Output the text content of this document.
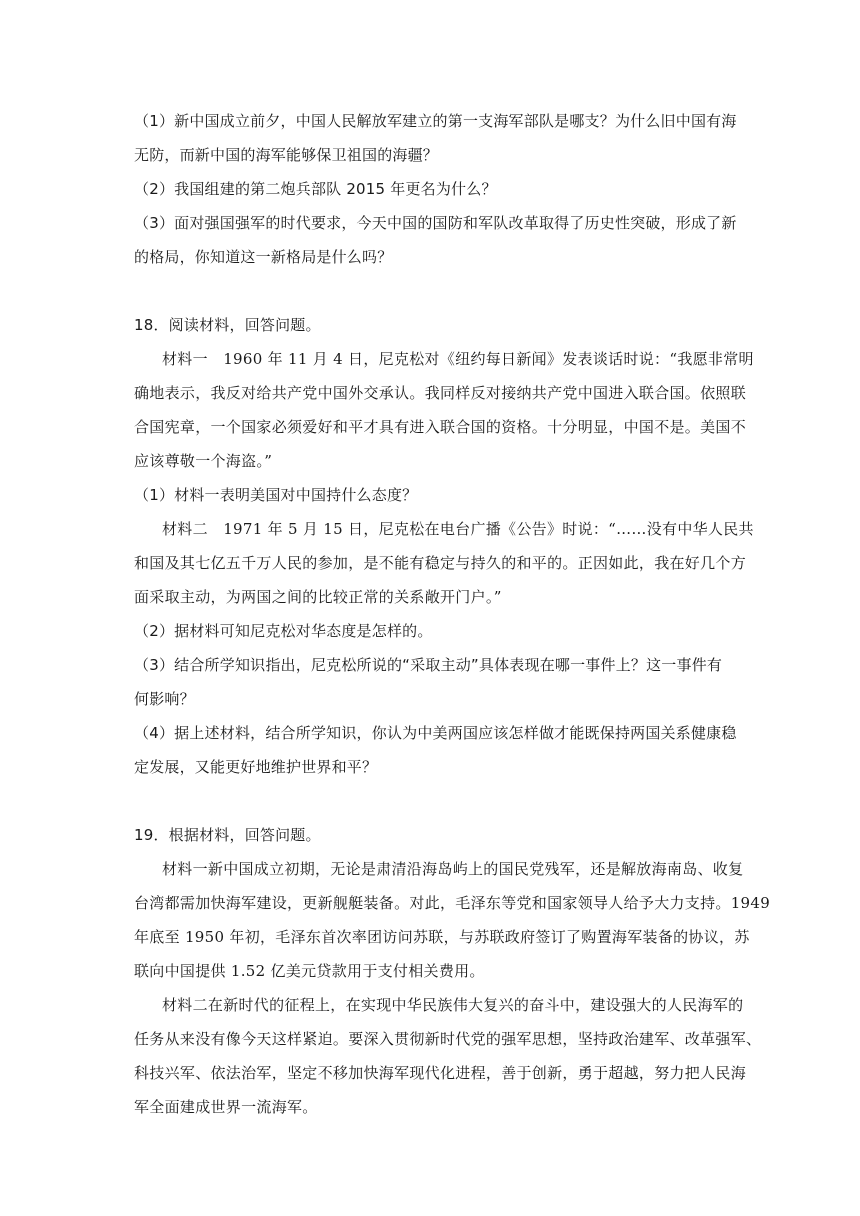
（1）新中国成立前夕，中国人民解放军建立的第一支海军部队是哪支？为什么旧中国有海
无防，而新中国的海军能够保卫祖国的海疆？
（2）我国组建的第二炮兵部队 2015 年更名为什么？
（3）面对强国强军的时代要求，今天中国的国防和军队改革取得了历史性突破，形成了新
的格局，你知道这一新格局是什么吗？
18．阅读材料，回答问题。
材料一　1960 年 11 月 4 日，尼克松对《纽约每日新闻》发表谈话时说：“我愿非常明
确地表示，我反对给共产党中国外交承认。我同样反对接纳共产党中国进入联合国。依照联
合国宪章，一个国家必须爱好和平才具有进入联合国的资格。十分明显，中国不是。美国不
应该尊敬一个海盗。”
（1）材料一表明美国对中国持什么态度？
材料二　1971 年 5 月 15 日，尼克松在电台广播《公告》时说：“……没有中华人民共
和国及其七亿五千万人民的参加，是不能有稳定与持久的和平的。正因如此，我在好几个方
面采取主动，为两国之间的比较正常的关系敞开门户。”
（2）据材料可知尼克松对华态度是怎样的。
（3）结合所学知识指出，尼克松所说的“采取主动”具体表现在哪一事件上？这一事件有
何影响？
（4）据上述材料，结合所学知识，你认为中美两国应该怎样做才能既保持两国关系健康稳
定发展，又能更好地维护世界和平？
19．根据材料，回答问题。
材料一新中国成立初期，无论是肃清沿海岛屿上的国民党残军，还是解放海南岛、收复
台湾都需加快海军建设，更新舰艇装备。对此，毛泽东等党和国家领导人给予大力支持。1949
年底至 1950 年初，毛泽东首次率团访问苏联，与苏联政府签订了购置海军装备的协议，苏
联向中国提供 1.52 亿美元贷款用于支付相关费用。
材料二在新时代的征程上，在实现中华民族伟大复兴的奋斗中，建设强大的人民海军的
任务从来没有像今天这样紧迫。要深入贯彻新时代党的强军思想，坚持政治建军、改革强军、
科技兴军、依法治军，坚定不移加快海军现代化进程，善于创新，勇于超越，努力把人民海
军全面建成世界一流海军。
